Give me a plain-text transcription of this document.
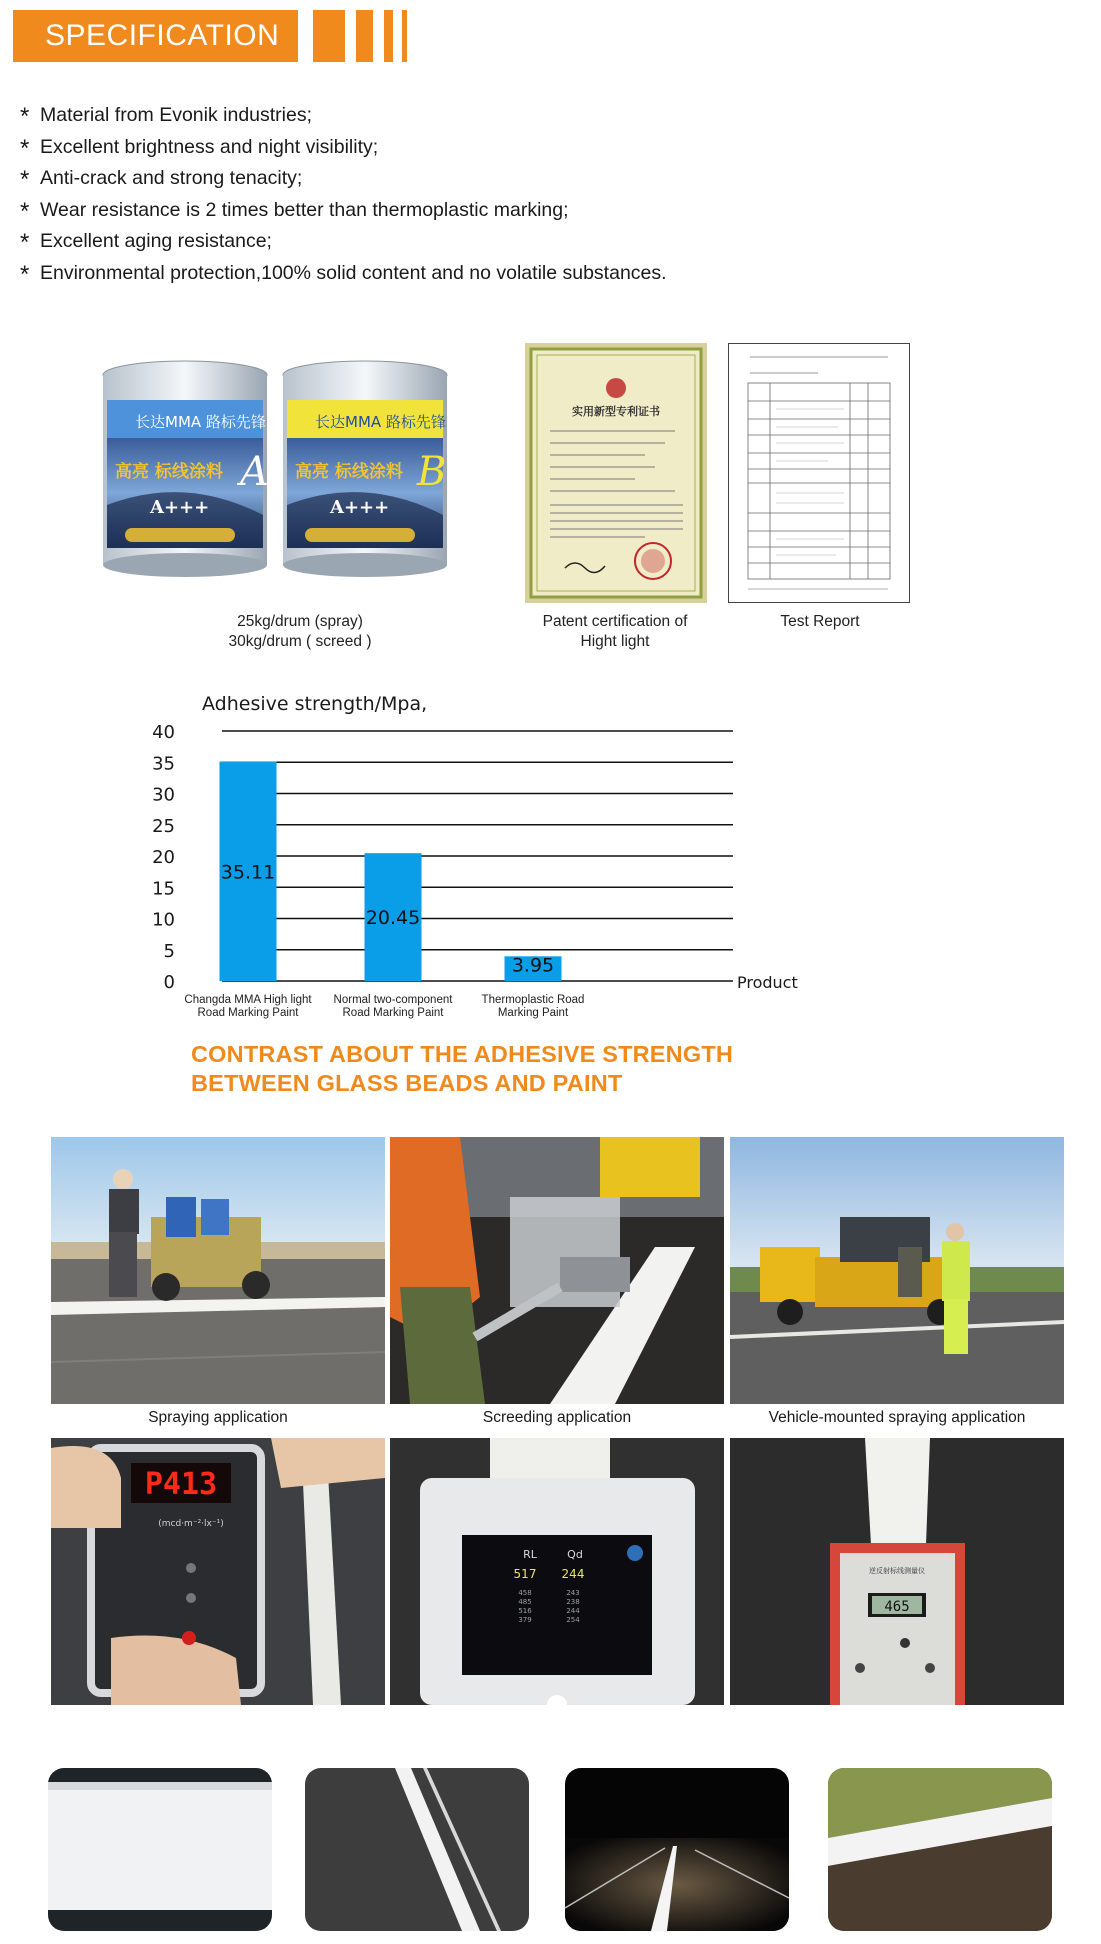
SPECIFICATION
* Material from Evonik industries;
* Excellent brightness and night visibility;
* Anti-crack and strong tenacity;
* Wear resistance is 2 times better than thermoplastic marking;
* Excellent aging resistance;
* Environmental protection,100% solid content and no volatile substances.
长达MMA 路标先锋
高亮 标线涂料 A
A+++
长达MMA 路标先锋
高亮 标线涂料 B
A+++
25kg/drum (spray)
30kg/drum ( screed )
实用新型专利证书
Patent certification of
Hight light
Test Report
Adhesive strength/Mpa,
0
5
10
15
20
25
30
35
40
35.11
Changda MMA High light
Road Marking Paint
20.45
Normal two-component
Road Marking Paint
3.95
Thermoplastic Road
Marking Paint
Product
CONTRAST ABOUT THE ADHESIVE STRENGTH
BETWEEN GLASS BEADS AND PAINT
Spraying application	Screeding application	Vehicle-mounted spraying application
P413
(mcd·m⁻²·lx⁻¹)
RL	Qd
517 244
458	243
485	238
516	244
379	254
逆反射标线测量仪
465
